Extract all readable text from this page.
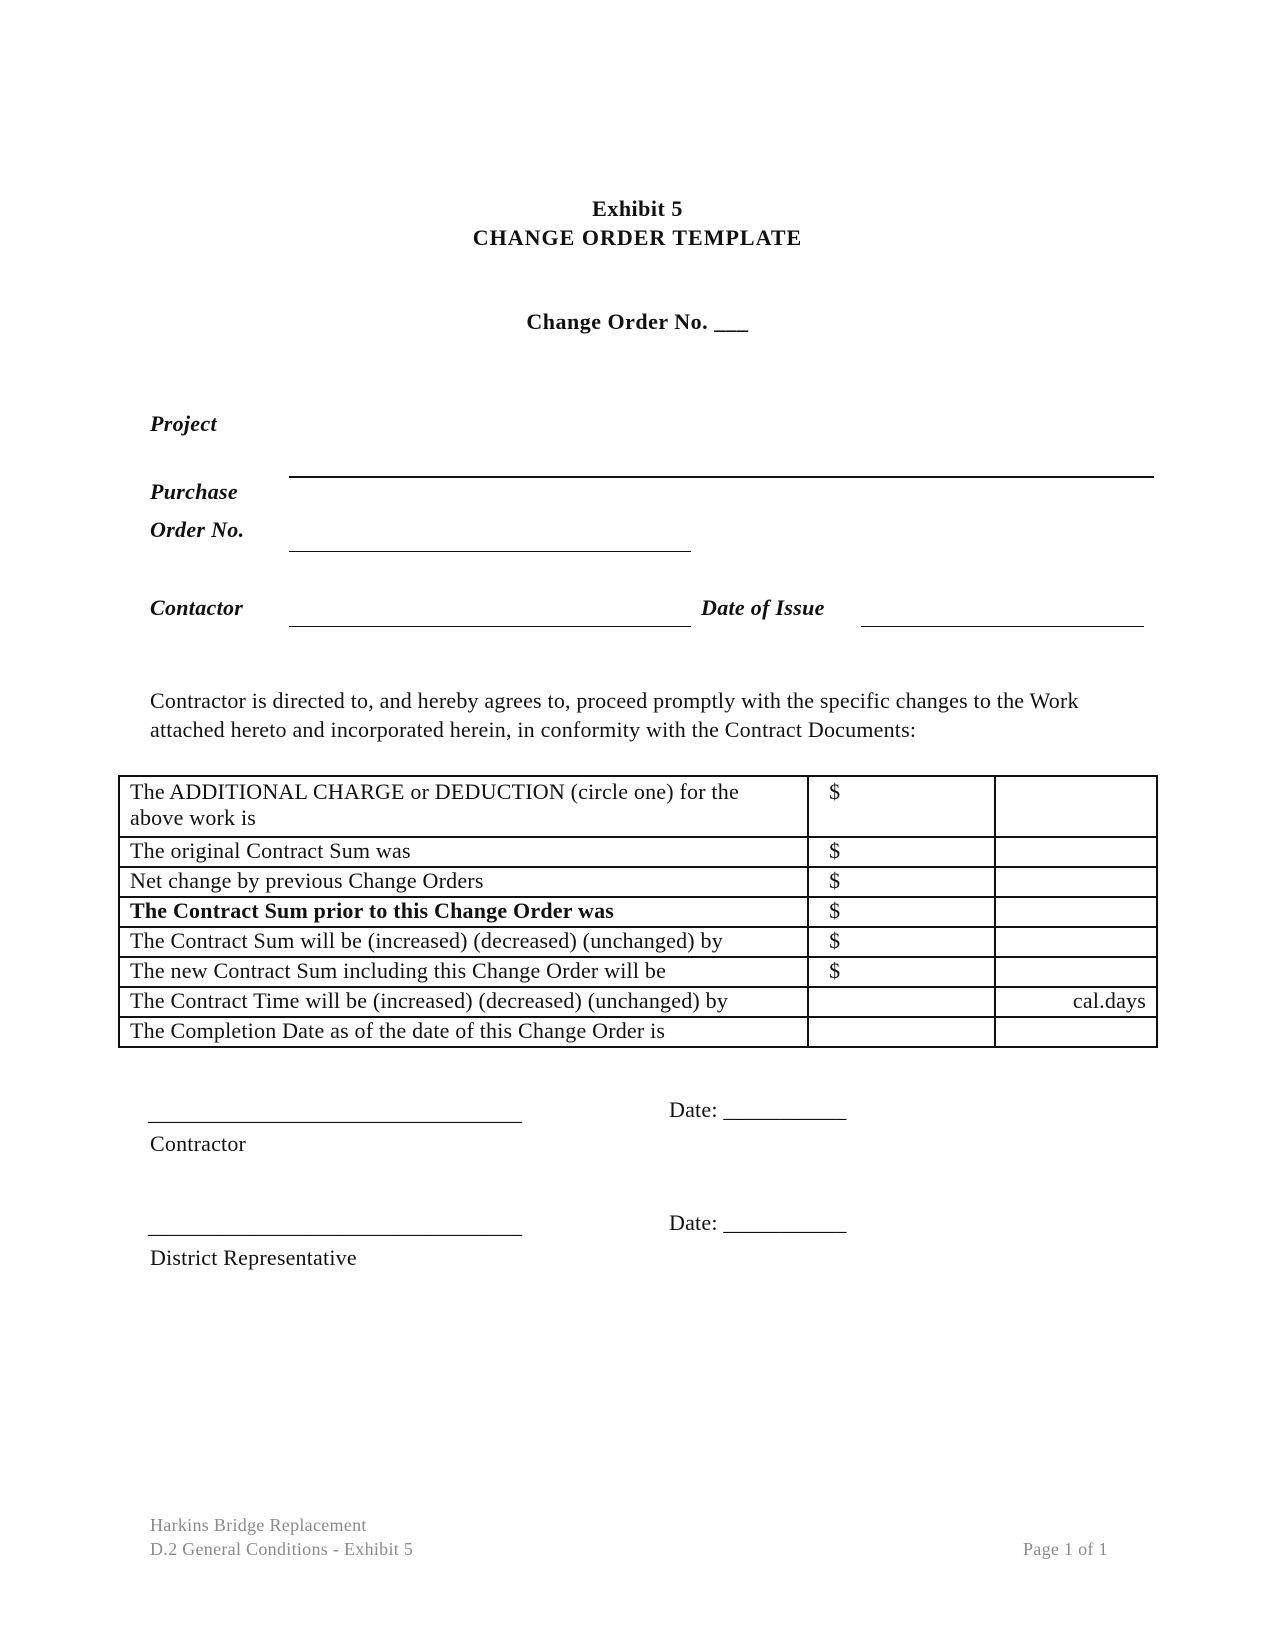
Exhibit 5
CHANGE ORDER TEMPLATE
Change Order No. ___
Project
Purchase
Order No.
Contactor	Date of Issue
Contractor is directed to, and hereby agrees to, proceed promptly with the specific changes to the Work attached hereto and incorporated herein, in conformity with the Contract Documents:
The ADDITIONAL CHARGE or DEDUCTION (circle one) for the above work is	$	
The original Contract Sum was	$	
Net change by previous Change Orders	$	
The Contract Sum prior to this Change Order was	$	
The Contract Sum will be (increased) (decreased) (unchanged) by	$	
The new Contract Sum including this Change Order will be	$	
The Contract Time will be (increased) (decreased) (unchanged) by		cal.days
The Completion Date as of the date of this Change Order is		
__________________________________	Date: ___________
Contractor
__________________________________	Date: ___________
District Representative
Harkins Bridge Replacement
D.2 General Conditions - Exhibit 5	Page 1 of 1
